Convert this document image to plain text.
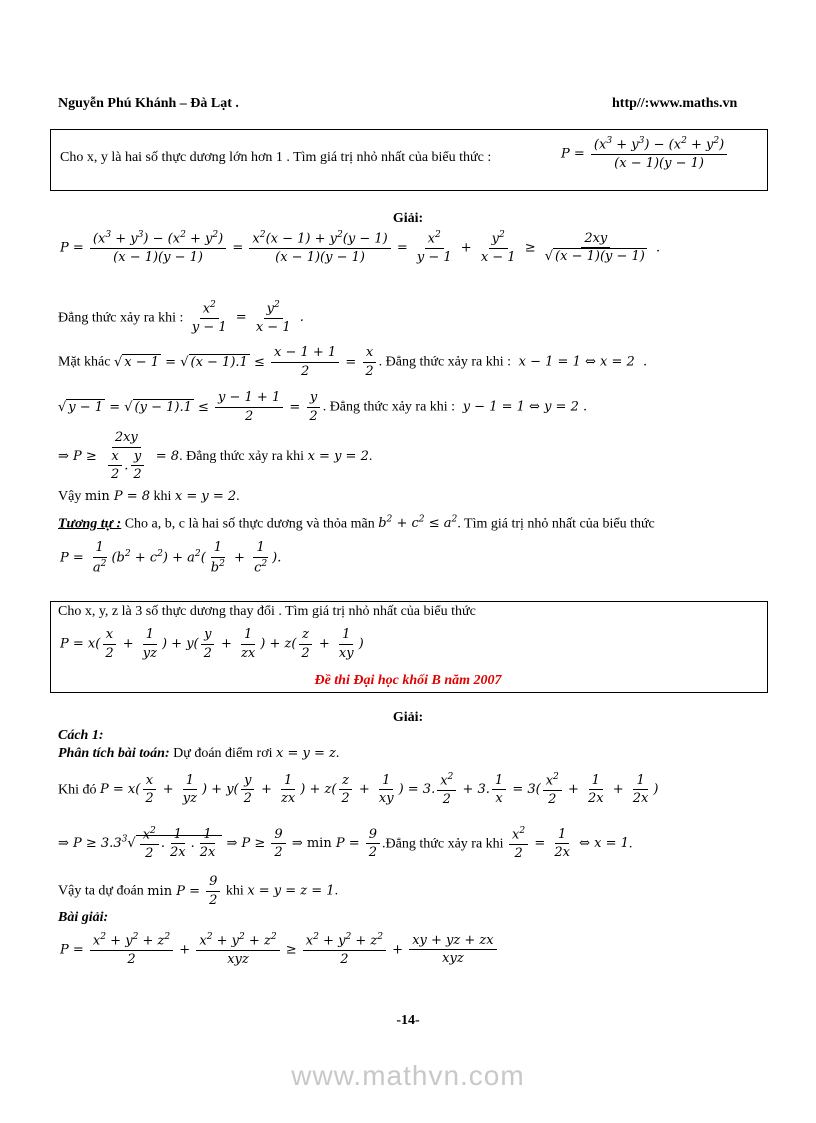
Nguyễn Phú Khánh – Đà Lạt .	http//:www.maths.vn
Cho x, y là hai số thực dương lớn hơn 1 . Tìm giá trị nhỏ nhất của biểu thức :	$P = \frac{(x^3 + y^3) - (x^2 + y^2)}{(x - 1)(y - 1)}$
Giải:
$P = \frac{(x^3 + y^3) - (x^2 + y^2)}{(x - 1)(y - 1)} = \frac{x^2(x - 1) + y^2(y - 1)}{(x - 1)(y - 1)} = \frac{x^2}{y - 1} + \frac{y^2}{x - 1} \ge \frac{2xy}{√ (x - 1)(y - 1)}$ .
Đẳng thức xảy ra khi : $\frac{x^2}{y - 1} = \frac{y^2}{x - 1}$ .
Mặt khác √ x − 1 = √ $(x - 1).1 \le \frac{x - 1 + 1}{2} = \frac{x}{2}$ . Đẳng thức xảy ra khi :  x − 1 = 1 ⇔ x = 2  .
√ y − 1 = √ $(y - 1).1 \le \frac{y - 1 + 1}{2} = \frac{y}{2}$ . Đẳng thức xảy ra khi :  y − 1 = 1 ⇔ y = 2 .
⇒ $P \ge \frac{2xy}{\frac{x}{2} . \frac{y}{2}} = 8$. Đẳng thức xảy ra khi x = y = 2.
Vậy min P = 8 khi x = y = 2.
Tương tự : Cho a, b, c là hai số thực dương và thỏa mãn $b^2 + c^2 \le a^2$. Tìm giá trị nhỏ nhất của biểu thức
$P = \frac{1}{a^2} (b^2 + c^2) + a^2( \frac{1}{b^2} + \frac{1}{c^2}$ ).
Cho x, y, z là 3 số thực dương thay đổi . Tìm giá trị nhỏ nhất của biểu thức
$P = x( \frac{x}{2} + \frac{1}{yz}$ ) + $y( \frac{y}{2} + \frac{1}{zx}$ ) + $z( \frac{z}{2} + \frac{1}{xy}$ )
Đề thi Đại học khối B năm 2007
Giải:
Cách 1:
Phân tích bài toán: Dự đoán điểm rơi x = y = z.
Khi đó $P = x( \frac{x}{2} + \frac{1}{yz}$ ) + $y( \frac{y}{2} + \frac{1}{zx}$ ) + $z( \frac{z}{2} + \frac{1}{xy}$ ) = 3. $\frac{x^2}{2} + 3$. $\frac{1}{x} = 3( \frac{x^2}{2} + \frac{1}{2x} + \frac{1}{2x}$ )
⇒ $P \ge 3.3^3√ \frac{x^2}{2}$ . $\frac{1}{2x}$ . $\frac{1}{2x}$ ⇒ $P \ge \frac{9}{2}$ ⇒ $\min P = \frac{9}{2}$ .Đẳng thức xảy ra khi $\frac{x^2}{2} = \frac{1}{2x}$ ⇔ x = 1.
Vậy ta dự đoán $\min P = \frac{9}{2}$ khi x = y = z = 1.
Bài giải:
$P = \frac{x^2 + y^2 + z^2}{2} + \frac{x^2 + y^2 + z^2}{\text{xyz}} \ge \frac{x^2 + y^2 + z^2}{2} + \frac{xy + yz + zx}{\text{xyz}}$
-14-
www.mathvn.com
